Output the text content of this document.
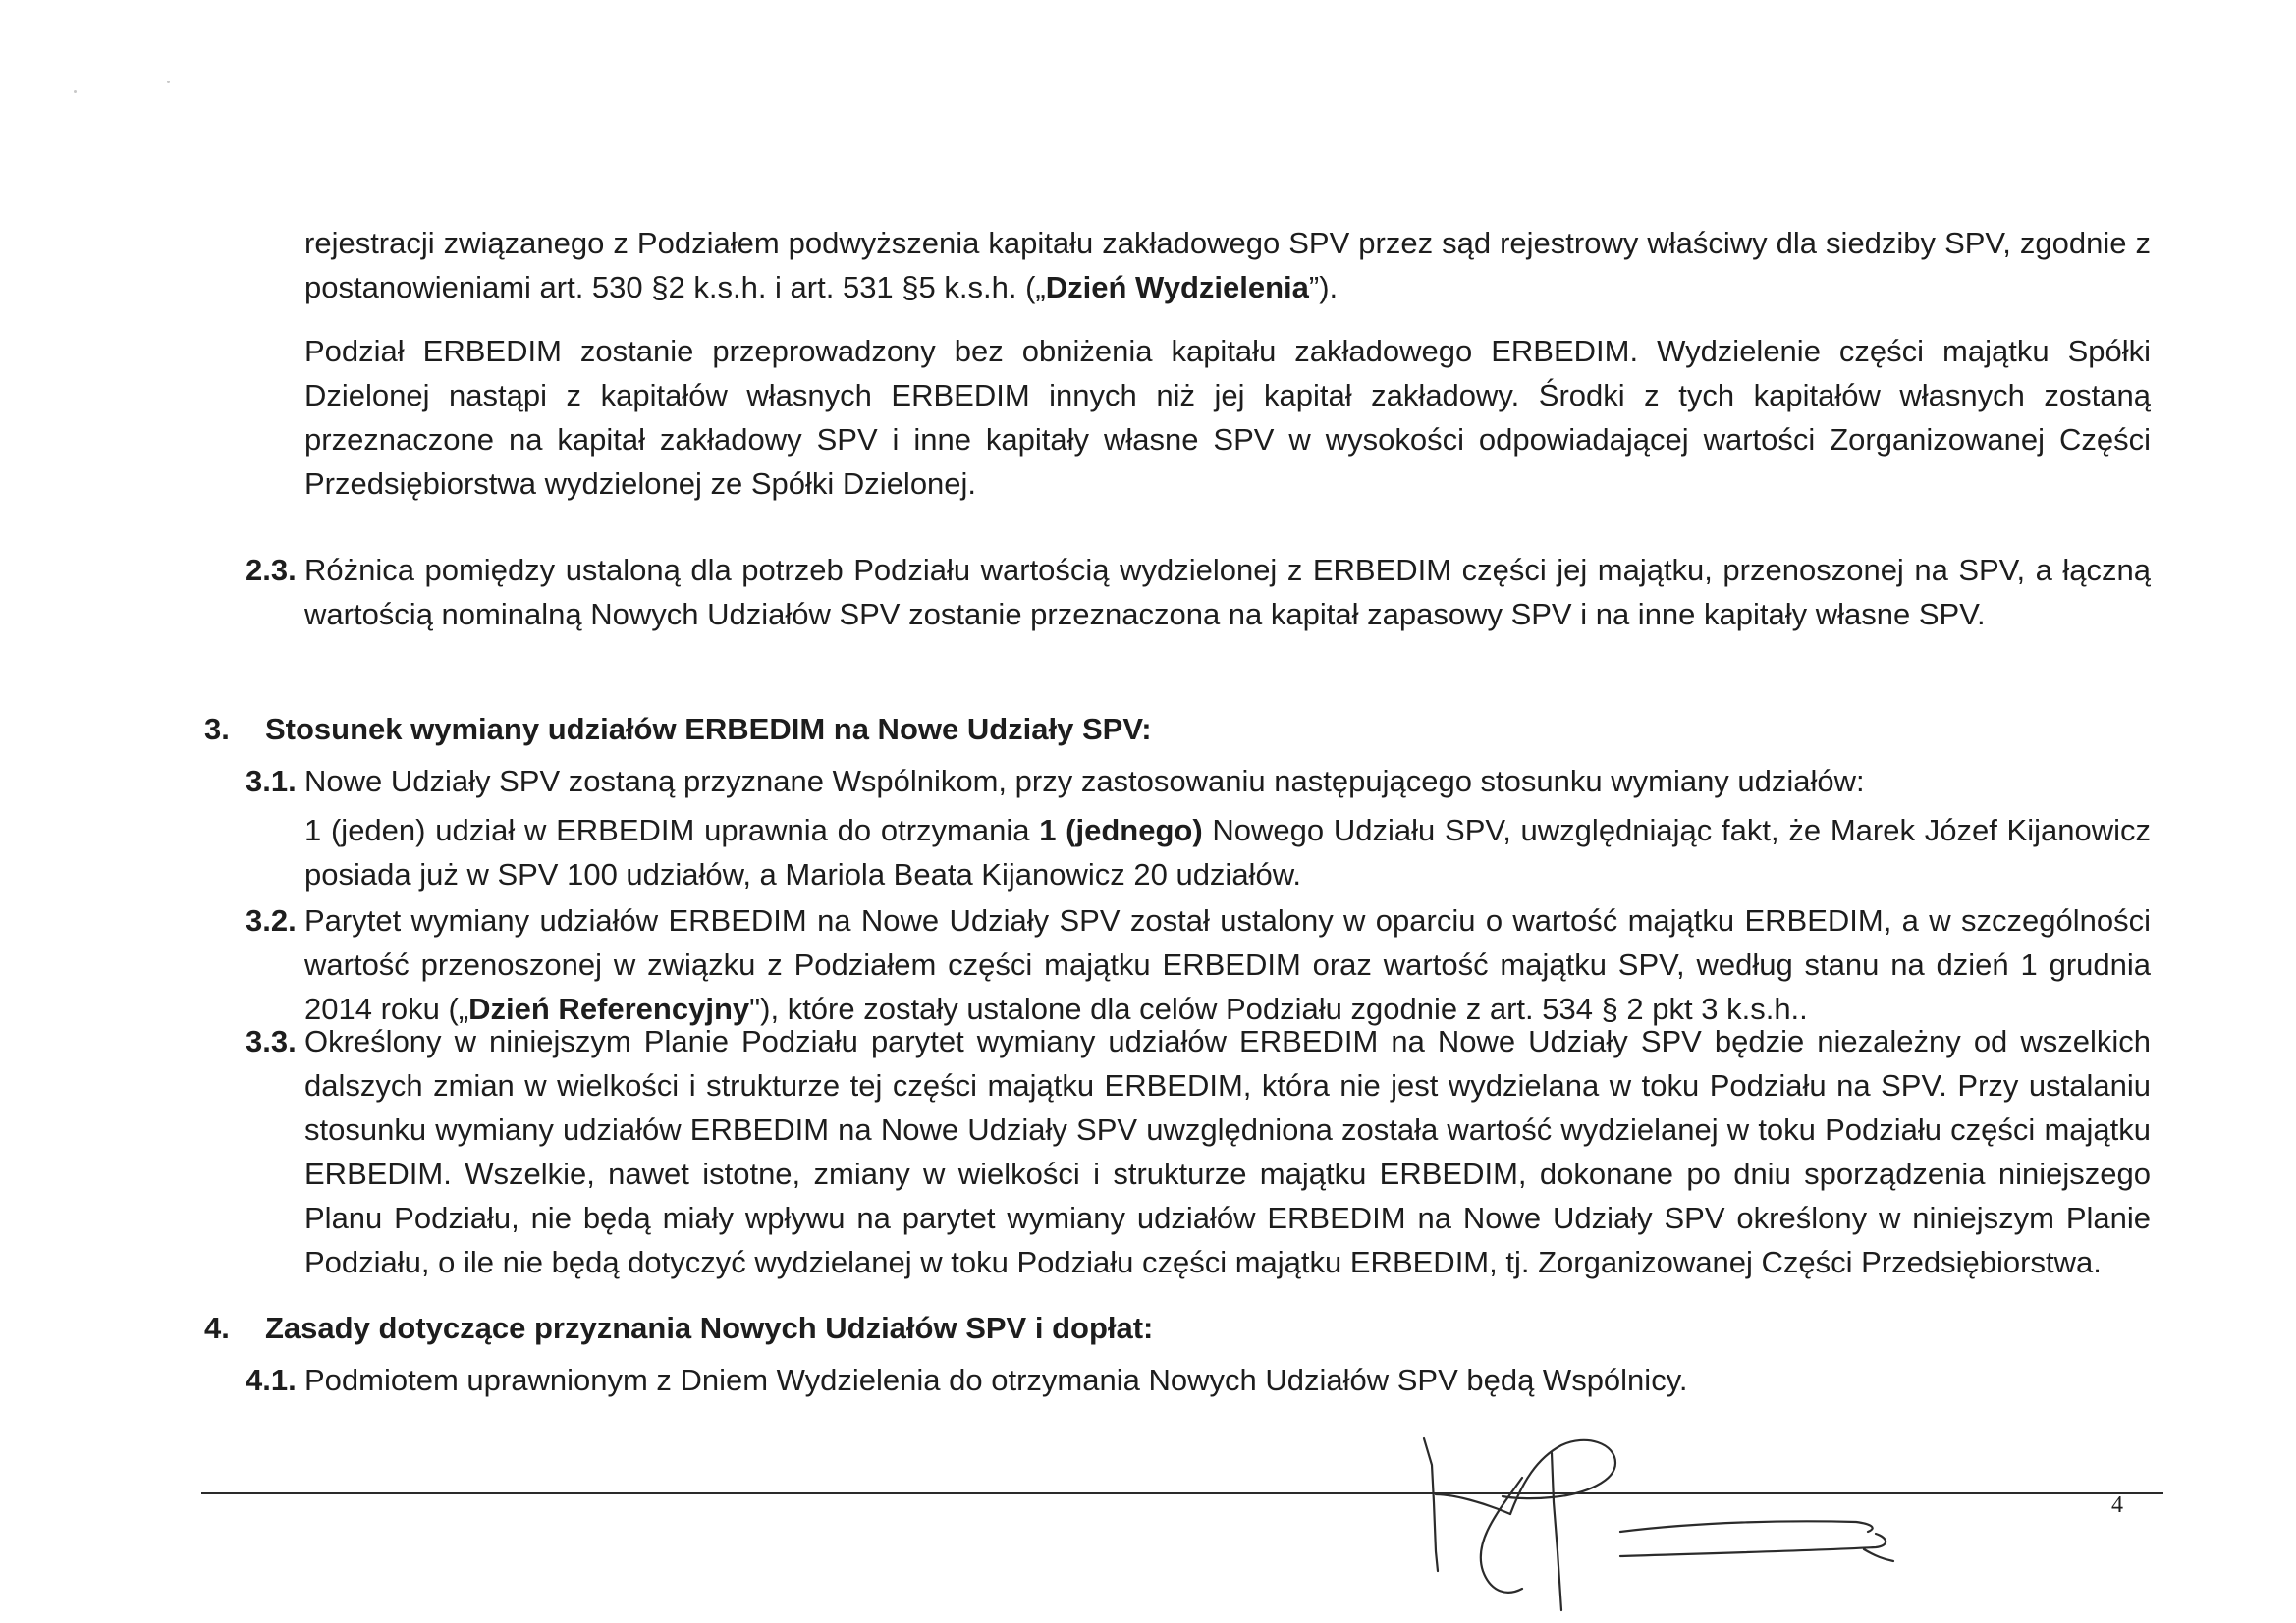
rejestracji związanego z Podziałem podwyższenia kapitału zakładowego SPV przez sąd rejestrowy właściwy dla siedziby SPV, zgodnie z postanowieniami art. 530 §2 k.s.h. i art. 531 §5 k.s.h. („Dzień Wydzielenia”).

Podział ERBEDIM zostanie przeprowadzony bez obniżenia kapitału zakładowego ERBEDIM. Wydzielenie części majątku Spółki Dzielonej nastąpi z kapitałów własnych ERBEDIM innych niż jej kapitał zakładowy. Środki z tych kapitałów własnych zostaną przeznaczone na kapitał zakładowy SPV i inne kapitały własne SPV w wysokości odpowiadającej wartości Zorganizowanej Części Przedsiębiorstwa wydzielonej ze Spółki Dzielonej.

2.3. Różnica pomiędzy ustaloną dla potrzeb Podziału wartością wydzielonej z ERBEDIM części jej majątku, przenoszonej na SPV, a łączną wartością nominalną Nowych Udziałów SPV zostanie przeznaczona na kapitał zapasowy SPV i na inne kapitały własne SPV.

3. Stosunek wymiany udziałów ERBEDIM na Nowe Udziały SPV:
3.1. Nowe Udziały SPV zostaną przyznane Wspólnikom, przy zastosowaniu następującego stosunku wymiany udziałów:

1 (jeden) udział w ERBEDIM uprawnia do otrzymania 1 (jednego) Nowego Udziału SPV, uwzględniając fakt, że Marek Józef Kijanowicz posiada już w SPV 100 udziałów, a Mariola Beata Kijanowicz 20 udziałów.

3.2. Parytet wymiany udziałów ERBEDIM na Nowe Udziały SPV został ustalony w oparciu o wartość majątku ERBEDIM, a w szczególności wartość przenoszonej w związku z Podziałem części majątku ERBEDIM oraz wartość majątku SPV, według stanu na dzień 1 grudnia 2014 roku („Dzień Referencyjny"), które zostały ustalone dla celów Podziału zgodnie z art. 534 § 2 pkt 3 k.s.h..

3.3. Określony w niniejszym Planie Podziału parytet wymiany udziałów ERBEDIM na Nowe Udziały SPV będzie niezależny od wszelkich dalszych zmian w wielkości i strukturze tej części majątku ERBEDIM, która nie jest wydzielana w toku Podziału na SPV. Przy ustalaniu stosunku wymiany udziałów ERBEDIM na Nowe Udziały SPV uwzględniona została wartość wydzielanej w toku Podziału części majątku ERBEDIM. Wszelkie, nawet istotne, zmiany w wielkości i strukturze majątku ERBEDIM, dokonane po dniu sporządzenia niniejszego Planu Podziału, nie będą miały wpływu na parytet wymiany udziałów ERBEDIM na Nowe Udziały SPV określony w niniejszym Planie Podziału, o ile nie będą dotyczyć wydzielanej w toku Podziału części majątku ERBEDIM, tj. Zorganizowanej Części Przedsiębiorstwa.

4. Zasady dotyczące przyznania Nowych Udziałów SPV i dopłat:
4.1. Podmiotem uprawnionym z Dniem Wydzielenia do otrzymania Nowych Udziałów SPV będą Wspólnicy.

4
